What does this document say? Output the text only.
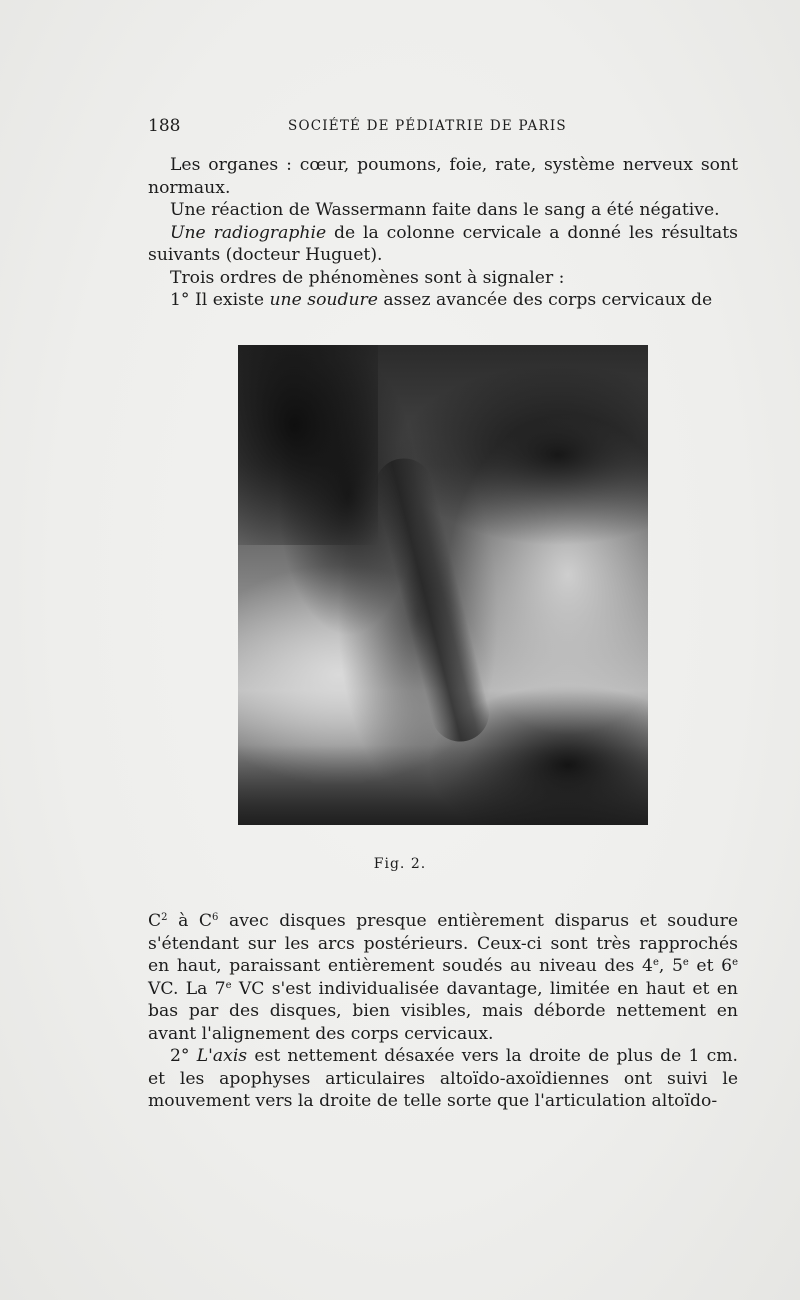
188	SOCIÉTÉ DE PÉDIATRIE DE PARIS

Les organes : cœur, poumons, foie, rate, système nerveux sont normaux.

Une réaction de Wassermann faite dans le sang a été négative.

Une radiographie de la colonne cervicale a donné les résultats suivants (docteur Huguet).

Trois ordres de phénomènes sont à signaler :

1° Il existe une soudure assez avancée des corps cervicaux de

Fig. 2.

$C^2$ à $C^6$ avec disques presque entièrement disparus et soudure s'étendant sur les arcs postérieurs. Ceux-ci sont très rapprochés en haut, paraissant entièrement soudés au niveau des 4e, 5e et 6e VC. La 7e VC s'est individualisée davantage, limitée en haut et en bas par des disques, bien visibles, mais déborde nettement en avant l'alignement des corps cervicaux.

2° L'axis est nettement désaxée vers la droite de plus de 1 cm. et les apophyses articulaires altoïdo-axoïdiennes ont suivi le mouvement vers la droite de telle sorte que l'articulation altoïdo-
